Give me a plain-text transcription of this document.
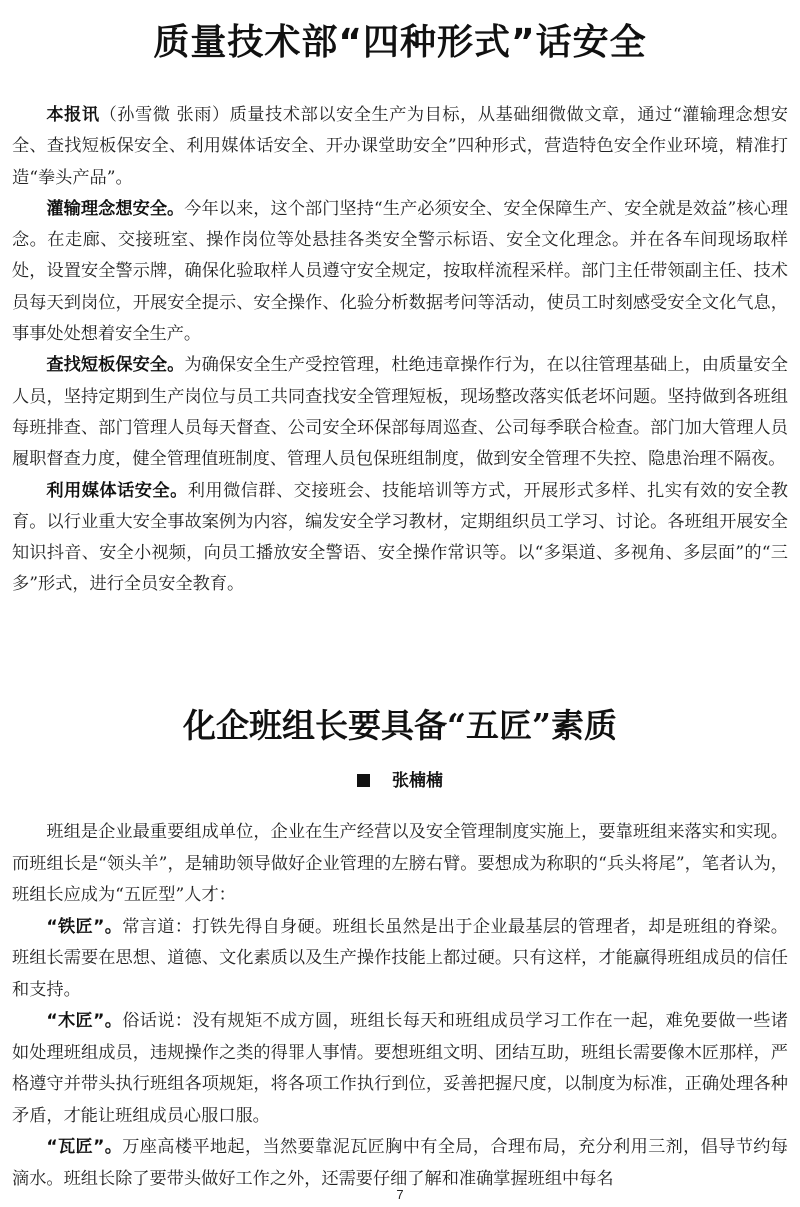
质量技术部“四种形式”话安全

本报讯（孙雪微 张雨）质量技术部以安全生产为目标，从基础细微做文章，通过“灌输理念想安全、查找短板保安全、利用媒体话安全、开办课堂助安全”四种形式，营造特色安全作业环境，精准打造“拳头产品”。

灌输理念想安全。今年以来，这个部门坚持“生产必须安全、安全保障生产、安全就是效益”核心理念。在走廊、交接班室、操作岗位等处悬挂各类安全警示标语、安全文化理念。并在各车间现场取样处，设置安全警示牌，确保化验取样人员遵守安全规定，按取样流程采样。部门主任带领副主任、技术员每天到岗位，开展安全提示、安全操作、化验分析数据考问等活动，使员工时刻感受安全文化气息，事事处处想着安全生产。

查找短板保安全。为确保安全生产受控管理，杜绝违章操作行为，在以往管理基础上，由质量安全人员，坚持定期到生产岗位与员工共同查找安全管理短板，现场整改落实低老坏问题。坚持做到各班组每班排查、部门管理人员每天督查、公司安全环保部每周巡查、公司每季联合检查。部门加大管理人员履职督查力度，健全管理值班制度、管理人员包保班组制度，做到安全管理不失控、隐患治理不隔夜。

利用媒体话安全。利用微信群、交接班会、技能培训等方式，开展形式多样、扎实有效的安全教育。以行业重大安全事故案例为内容，编发安全学习教材，定期组织员工学习、讨论。各班组开展安全知识抖音、安全小视频，向员工播放安全警语、安全操作常识等。以“多渠道、多视角、多层面”的“三多”形式，进行全员安全教育。

化企班组长要具备“五匠”素质
张楠楠

班组是企业最重要组成单位，企业在生产经营以及安全管理制度实施上，要靠班组来落实和实现。而班组长是“领头羊”，是辅助领导做好企业管理的左膀右臂。要想成为称职的“兵头将尾”，笔者认为，班组长应成为“五匠型”人才：

“铁匠”。常言道：打铁先得自身硬。班组长虽然是出于企业最基层的管理者，却是班组的脊梁。班组长需要在思想、道德、文化素质以及生产操作技能上都过硬。只有这样，才能赢得班组成员的信任和支持。

“木匠”。俗话说：没有规矩不成方圆，班组长每天和班组成员学习工作在一起，难免要做一些诸如处理班组成员，违规操作之类的得罪人事情。要想班组文明、团结互助，班组长需要像木匠那样，严格遵守并带头执行班组各项规矩，将各项工作执行到位，妥善把握尺度，以制度为标准，正确处理各种矛盾，才能让班组成员心服口服。

“瓦匠”。万座高楼平地起，当然要靠泥瓦匠胸中有全局，合理布局，充分利用三剂，倡导节约每滴水。班组长除了要带头做好工作之外，还需要仔细了解和准确掌握班组中每名

7
